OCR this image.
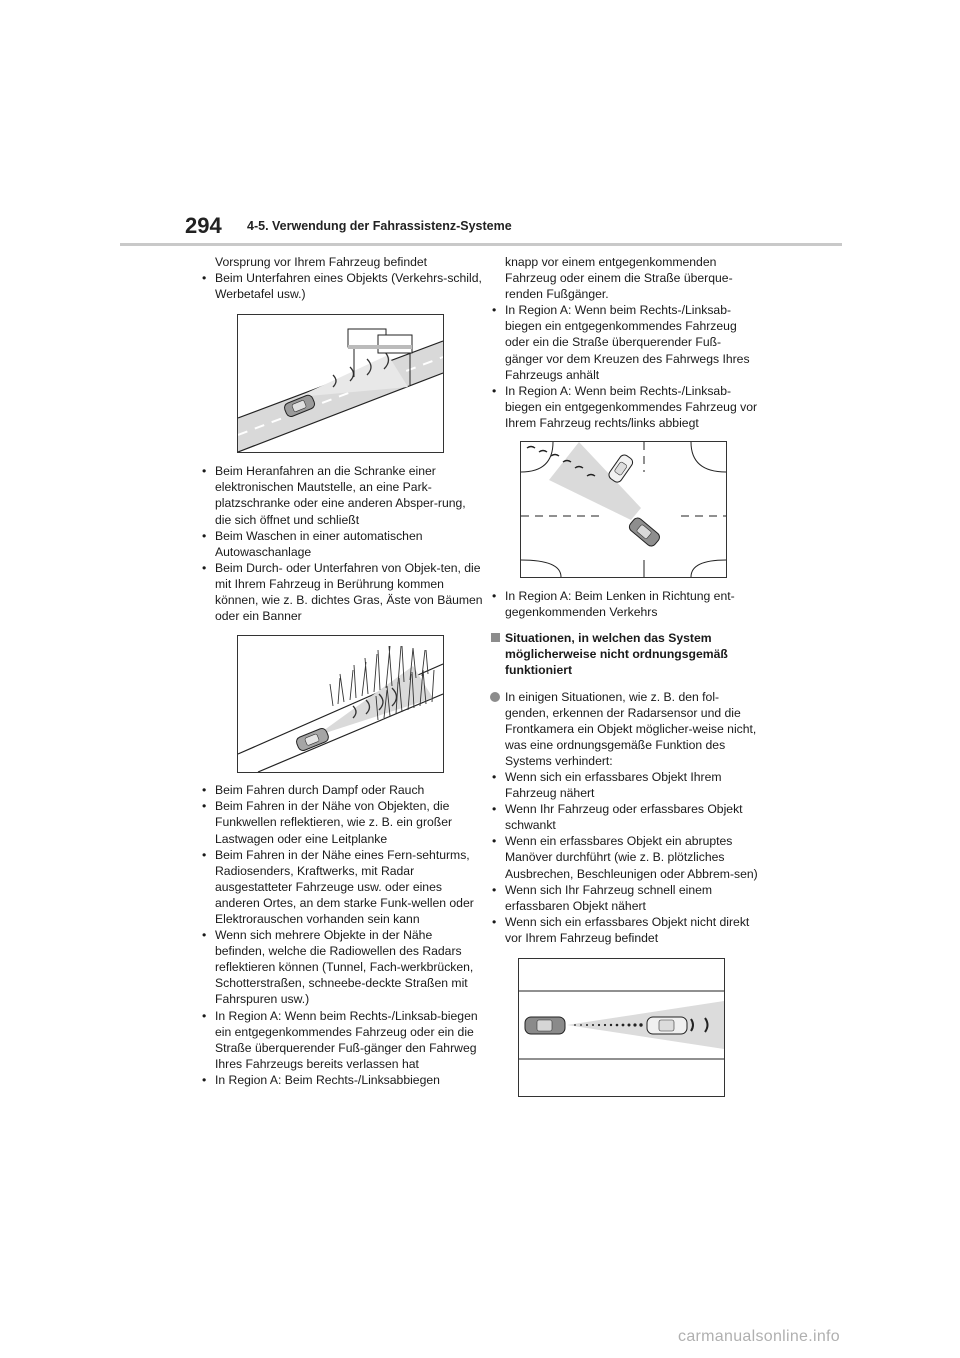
294 4-5. Verwendung der Fahrassistenz-Systeme
Vorsprung vor Ihrem Fahrzeug befindet
• Beim Unterfahren eines Objekts (Verkehrs-schild, Werbetafel usw.)
• Beim Heranfahren an die Schranke einer elektronischen Mautstelle, an eine Park-platzschranke oder eine anderen Absper-rung, die sich öffnet und schließt
• Beim Waschen in einer automatischen Autowaschanlage
• Beim Durch- oder Unterfahren von Objek-ten, die mit Ihrem Fahrzeug in Berührung kommen können, wie z. B. dichtes Gras, Äste von Bäumen oder ein Banner
• Beim Fahren durch Dampf oder Rauch
• Beim Fahren in der Nähe von Objekten, die Funkwellen reflektieren, wie z. B. ein großer Lastwagen oder eine Leitplanke
• Beim Fahren in der Nähe eines Fern-sehturms, Radiosenders, Kraftwerks, mit Radar ausgestatteter Fahrzeuge usw. oder eines anderen Ortes, an dem starke Funk-wellen oder Elektrorauschen vorhanden sein kann
• Wenn sich mehrere Objekte in der Nähe befinden, welche die Radiowellen des Radars reflektieren können (Tunnel, Fach-werkbrücken, Schotterstraßen, schneebe-deckte Straßen mit Fahrspuren usw.)
• In Region A: Wenn beim Rechts-/Linksab-biegen ein entgegenkommendes Fahrzeug oder ein die Straße überquerender Fuß-gänger den Fahrweg Ihres Fahrzeugs bereits verlassen hat
• In Region A: Beim Rechts-/Linksabbiegen
knapp vor einem entgegenkommenden Fahrzeug oder einem die Straße überque-renden Fußgänger.
• In Region A: Wenn beim Rechts-/Linksab-biegen ein entgegenkommendes Fahrzeug oder ein die Straße überquerender Fuß-gänger vor dem Kreuzen des Fahrwegs Ihres Fahrzeugs anhält
• In Region A: Wenn beim Rechts-/Linksab-biegen ein entgegenkommendes Fahrzeug vor Ihrem Fahrzeug rechts/links abbiegt
• In Region A: Beim Lenken in Richtung ent-gegenkommenden Verkehrs
Situationen, in welchen das System möglicherweise nicht ordnungsgemäß funktioniert
In einigen Situationen, wie z. B. den fol-genden, erkennen der Radarsensor und die Frontkamera ein Objekt möglicher-weise nicht, was eine ordnungsgemäße Funktion des Systems verhindert:
• Wenn sich ein erfassbares Objekt Ihrem Fahrzeug nähert
• Wenn Ihr Fahrzeug oder erfassbares Objekt schwankt
• Wenn ein erfassbares Objekt ein abruptes Manöver durchführt (wie z. B. plötzliches Ausbrechen, Beschleunigen oder Abbrem-sen)
• Wenn sich Ihr Fahrzeug schnell einem erfassbaren Objekt nähert
• Wenn sich ein erfassbares Objekt nicht direkt vor Ihrem Fahrzeug befindet
carmanualsonline.info
